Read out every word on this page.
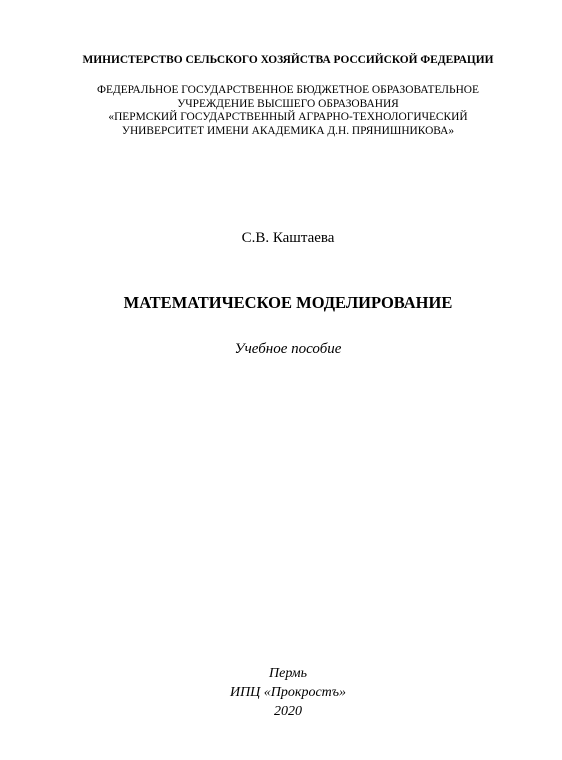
МИНИСТЕРСТВО СЕЛЬСКОГО ХОЗЯЙСТВА РОССИЙСКОЙ ФЕДЕРАЦИИ
ФЕДЕРАЛЬНОЕ ГОСУДАРСТВЕННОЕ БЮДЖЕТНОЕ ОБРАЗОВАТЕЛЬНОЕ
УЧРЕЖДЕНИЕ ВЫСШЕГО ОБРАЗОВАНИЯ
«ПЕРМСКИЙ ГОСУДАРСТВЕННЫЙ АГРАРНО-ТЕХНОЛОГИЧЕСКИЙ
УНИВЕРСИТЕТ ИМЕНИ АКАДЕМИКА Д.Н. ПРЯНИШНИКОВА»
С.В. Каштаева
МАТЕМАТИЧЕСКОЕ МОДЕЛИРОВАНИЕ
Учебное пособие
Пермь
ИПЦ «Прокростъ»
2020
